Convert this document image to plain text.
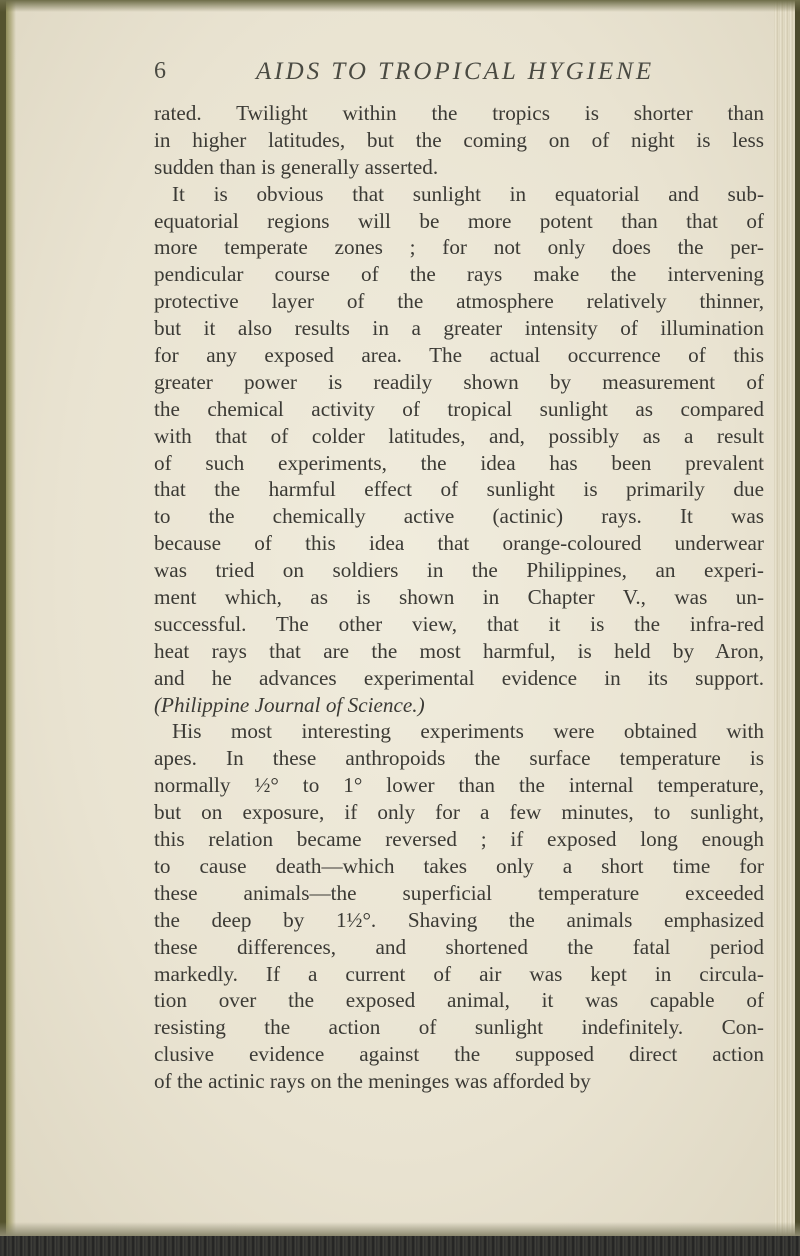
6	AIDS TO TROPICAL HYGIENE
rated. Twilight within the tropics is shorter than
in higher latitudes, but the coming on of night is less
sudden than is generally asserted.
It is obvious that sunlight in equatorial and sub-
equatorial regions will be more potent than that of
more temperate zones ; for not only does the per-
pendicular course of the rays make the intervening
protective layer of the atmosphere relatively thinner,
but it also results in a greater intensity of illumination
for any exposed area. The actual occurrence of this
greater power is readily shown by measurement of
the chemical activity of tropical sunlight as compared
with that of colder latitudes, and, possibly as a result
of such experiments, the idea has been prevalent
that the harmful effect of sunlight is primarily due
to the chemically active (actinic) rays. It was
because of this idea that orange-coloured underwear
was tried on soldiers in the Philippines, an experi-
ment which, as is shown in Chapter V., was un-
successful. The other view, that it is the infra-red
heat rays that are the most harmful, is held by Aron,
and he advances experimental evidence in its support.
(Philippine Journal of Science.)
His most interesting experiments were obtained with
apes. In these anthropoids the surface temperature is
normally ½° to 1° lower than the internal temperature,
but on exposure, if only for a few minutes, to sunlight,
this relation became reversed ; if exposed long enough
to cause death—which takes only a short time for
these animals—the superficial temperature exceeded
the deep by 1½°. Shaving the animals emphasized
these differences, and shortened the fatal period
markedly. If a current of air was kept in circula-
tion over the exposed animal, it was capable of
resisting the action of sunlight indefinitely. Con-
clusive evidence against the supposed direct action
of the actinic rays on the meninges was afforded by
